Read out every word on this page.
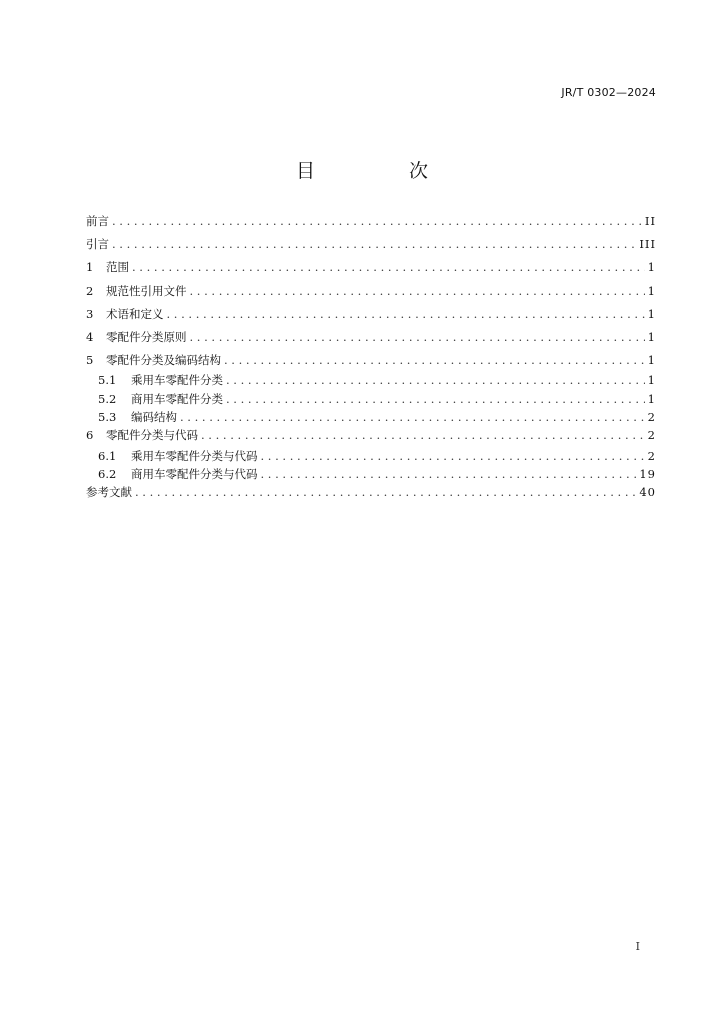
JR/T 0302—2024
目 次
前言 . . .	II
引言 . . .	III
1	范围 . . .	1
2	规范性引用文件 . . .	1
3	术语和定义 . . .	1
4	零配件分类原则 . . .	1
5	零配件分类及编码结构 . . .	1
5.1	乘用车零配件分类 . . .	1
5.2	商用车零配件分类 . . .	1
5.3	编码结构 . . .	2
6	零配件分类与代码 . . .	2
6.1	乘用车零配件分类与代码 . . .	2
6.2	商用车零配件分类与代码 . . .	19
参考文献 . . .	40
I
